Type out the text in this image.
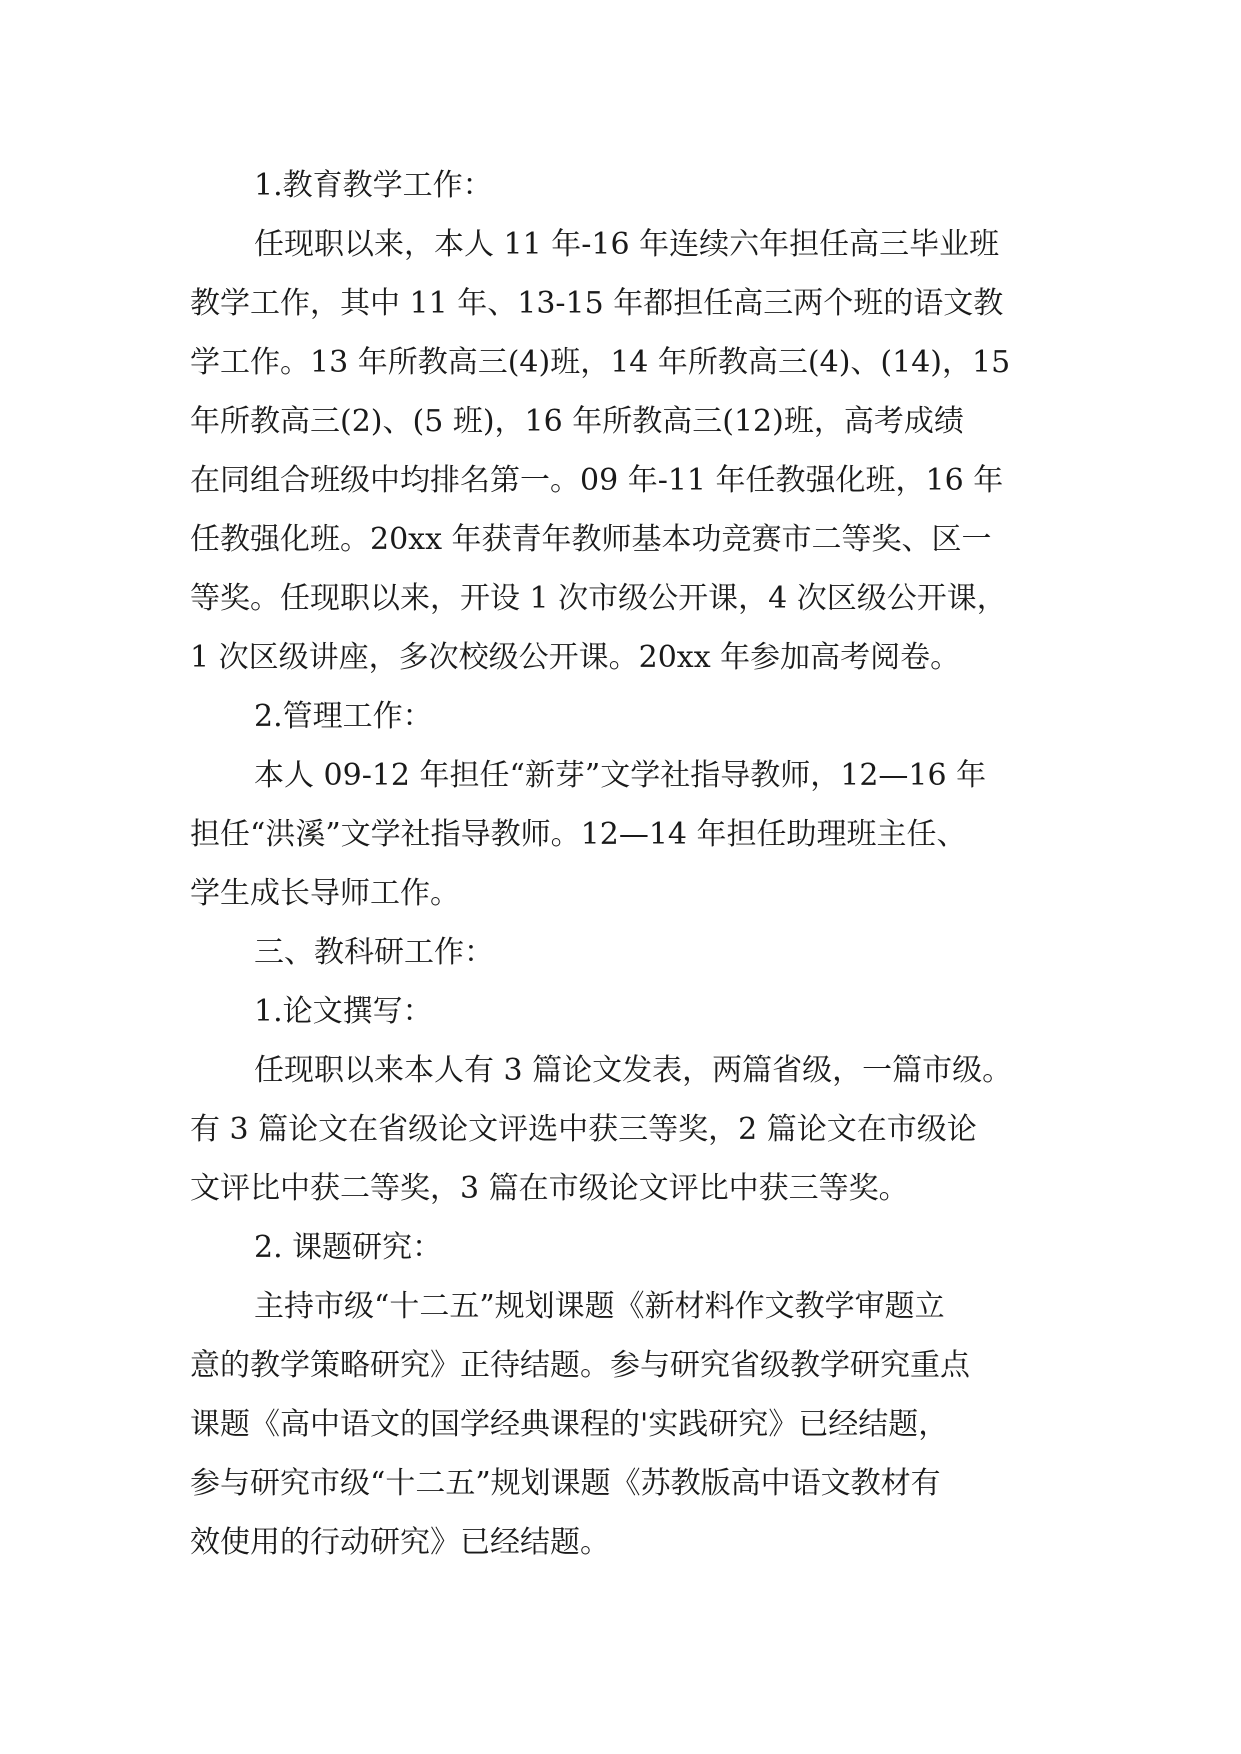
1.教育教学工作：
任现职以来，本人 11 年-16 年连续六年担任高三毕业班
教学工作，其中 11 年、13-15 年都担任高三两个班的语文教
学工作。13 年所教高三(4)班，14 年所教高三(4)、(14)，15
年所教高三(2)、(5 班)，16 年所教高三(12)班，高考成绩
在同组合班级中均排名第一。09 年-11 年任教强化班，16 年
任教强化班。20xx 年获青年教师基本功竞赛市二等奖、区一
等奖。任现职以来，开设 1 次市级公开课，4 次区级公开课，
1 次区级讲座，多次校级公开课。20xx 年参加高考阅卷。
2.管理工作：
本人 09-12 年担任“新芽”文学社指导教师，12—16 年
担任“洪溪”文学社指导教师。12—14 年担任助理班主任、
学生成长导师工作。
三、教科研工作：
1.论文撰写：
任现职以来本人有 3 篇论文发表，两篇省级，一篇市级。
有 3 篇论文在省级论文评选中获三等奖，2 篇论文在市级论
文评比中获二等奖，3 篇在市级论文评比中获三等奖。
2. 课题研究：
主持市级“十二五”规划课题《新材料作文教学审题立
意的教学策略研究》正待结题。参与研究省级教学研究重点
课题《高中语文的国学经典课程的'实践研究》已经结题，
参与研究市级“十二五”规划课题《苏教版高中语文教材有
效使用的行动研究》已经结题。
